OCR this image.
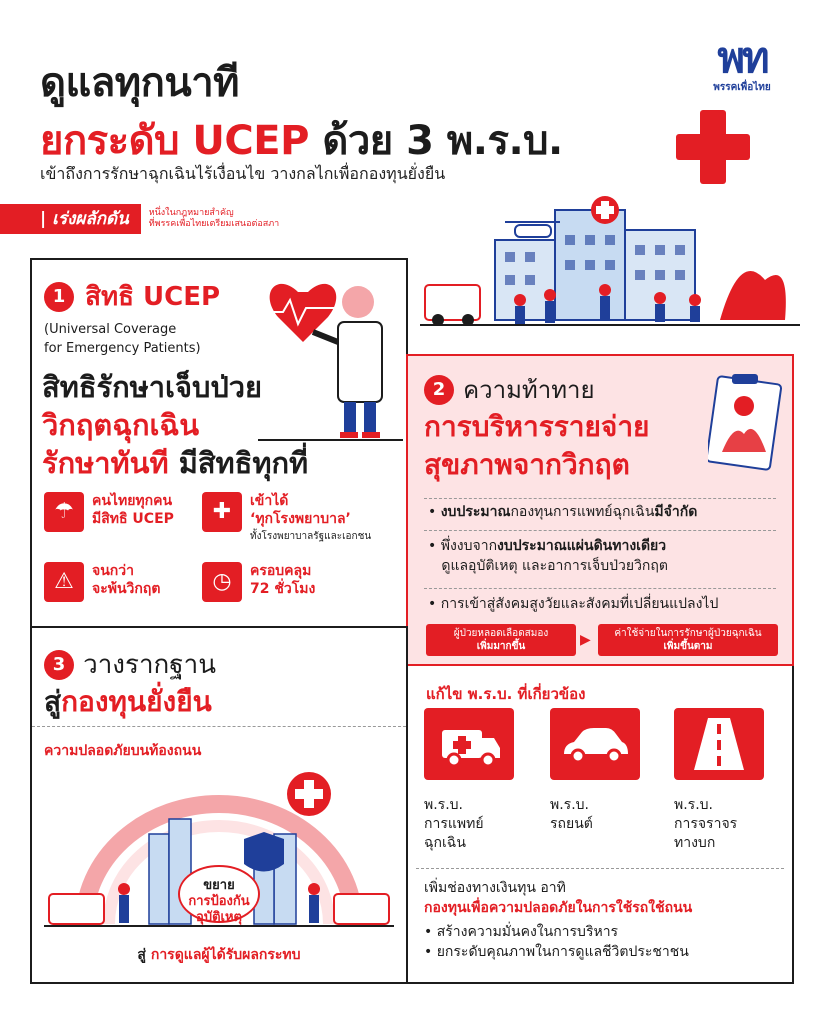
ดูแลทุกนาที
ยกระดับ UCEP ด้วย 3 พ.ร.บ.
เข้าถึงการรักษาฉุกเฉินไร้เงื่อนไข วางกลไกเพื่อกองทุนยั่งยืน
พท
พรรคเพื่อไทย
| เร่งผลักดัน	หนึ่งในกฎหมายสำคัญ
ที่พรรคเพื่อไทยเตรียมเสนอต่อสภา
1 สิทธิ UCEP
(Universal Coverage
for Emergency Patients)
สิทธิรักษาเจ็บป่วย
วิกฤตฉุกเฉิน
รักษาทันที มีสิทธิทุกที่
☂	คนไทยทุกคน
มีสิทธิ UCEP	✚	เข้าได้
‘ทุกโรงพยาบาล’
ทั้งโรงพยาบาลรัฐและเอกชน
⚠	จนกว่า
จะพ้นวิกฤต	◷	ครอบคลุม
72 ชั่วโมง
2 ความท้าทาย
การบริหารรายจ่าย
สุขภาพจากวิกฤต
• งบประมาณกองทุนการแพทย์ฉุกเฉินมีจำกัด
• พึ่งงบจากงบประมาณแผ่นดินทางเดียว
ดูแลอุบัติเหตุ และอาการเจ็บป่วยวิกฤต
• การเข้าสู่สังคมสูงวัยและสังคมที่เปลี่ยนแปลงไป
ผู้ป่วยหลอดเลือดสมอง
เพิ่มมากขึ้น	▶	ค่าใช้จ่ายในการรักษาผู้ป่วยฉุกเฉิน
เพิ่มขึ้นตาม
3 วางรากฐาน
สู่กองทุนยั่งยืน
ความปลอดภัยบนท้องถนน
ขยาย
การป้องกัน
อุบัติเหตุ
สู่ การดูแลผู้ได้รับผลกระทบ
แก้ไข พ.ร.บ. ที่เกี่ยวข้อง
พ.ร.บ.
การแพทย์
ฉุกเฉิน
พ.ร.บ.
รถยนต์
พ.ร.บ.
การจราจร
ทางบก
เพิ่มช่องทางเงินทุน อาทิ
กองทุนเพื่อความปลอดภัยในการใช้รถใช้ถนน
• สร้างความมั่นคงในการบริหาร
• ยกระดับคุณภาพในการดูแลชีวิตประชาชน
